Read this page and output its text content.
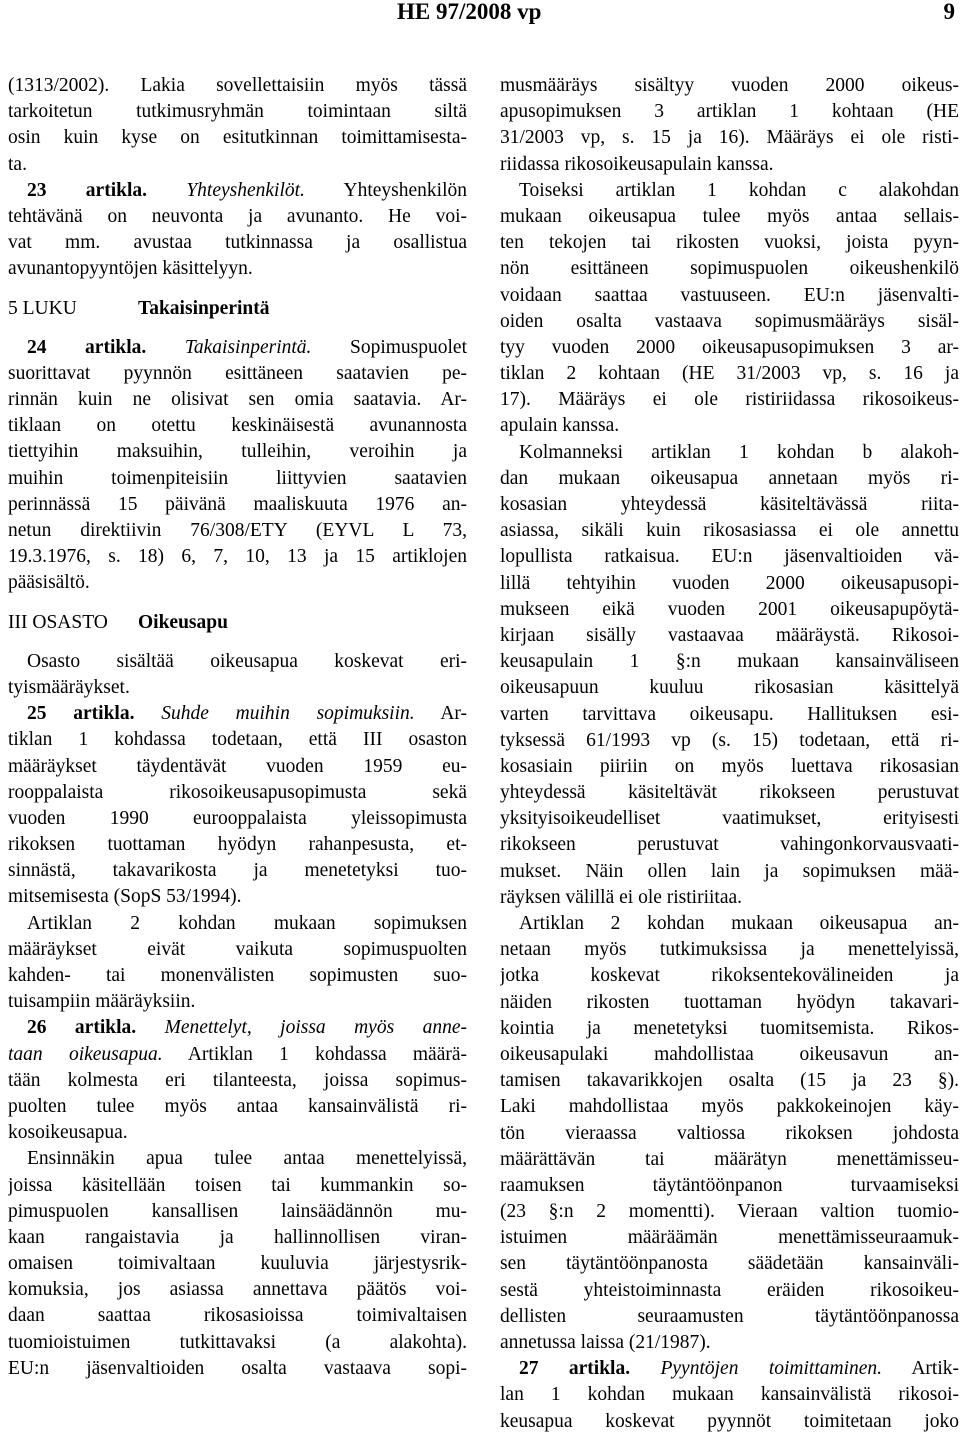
HE 97/2008 vp	9
(1313/2002). Lakia sovellettaisiin myös tässä
tarkoitetun tutkimusryhmän toimintaan siltä
osin kuin kyse on esitutkinnan toimittamisesta-
ta.
23 artikla. Yhteyshenkilöt. Yhteyshenkilön
tehtävänä on neuvonta ja avunanto. He voi-
vat mm. avustaa tutkinnassa ja osallistua
avunantopyyntöjen käsittelyyn.
5 LUKU	Takaisinperintä
24 artikla. Takaisinperintä. Sopimuspuolet
suorittavat pyynnön esittäneen saatavien pe-
rinnän kuin ne olisivat sen omia saatavia. Ar-
tiklaan on otettu keskinäisestä avunannosta
tiettyihin maksuihin, tulleihin, veroihin ja
muihin toimenpiteisiin liittyvien saatavien
perinnässä 15 päivänä maaliskuuta 1976 an-
netun direktiivin 76/308/ETY (EYVL L 73,
19.3.1976, s. 18) 6, 7, 10, 13 ja 15 artiklojen
pääsisältö.
III OSASTO Oikeusapu
Osasto sisältää oikeusapua koskevat eri-
tyismääräykset.
25 artikla. Suhde muihin sopimuksiin. Ar-
tiklan 1 kohdassa todetaan, että III osaston
määräykset täydentävät vuoden 1959 eu-
rooppalaista rikosoikeusapusopimusta sekä
vuoden 1990 eurooppalaista yleissopimusta
rikoksen tuottaman hyödyn rahanpesusta, et-
sinnästä, takavarikosta ja menetetyksi tuo-
mitsemisesta (SopS 53/1994).
Artiklan 2 kohdan mukaan sopimuksen
määräykset eivät vaikuta sopimuspuolten
kahden- tai monenvälisten sopimusten suo-
tuisampiin määräyksiin.
26 artikla. Menettelyt, joissa myös anne-
taan oikeusapua. Artiklan 1 kohdassa määrä-
tään kolmesta eri tilanteesta, joissa sopimus-
puolten tulee myös antaa kansainvälistä ri-
kosoikeusapua.
Ensinnäkin apua tulee antaa menettelyissä,
joissa käsitellään toisen tai kummankin so-
pimuspuolen kansallisen lainsäädännön mu-
kaan rangaistavia ja hallinnollisen viran-
omaisen toimivaltaan kuuluvia järjestysrik-
komuksia, jos asiassa annettava päätös voi-
daan saattaa rikosasioissa toimivaltaisen
tuomioistuimen tutkittavaksi (a alakohta).
EU:n jäsenvaltioiden osalta vastaava sopi-
musmääräys sisältyy vuoden 2000 oikeus-
apusopimuksen 3 artiklan 1 kohtaan (HE
31/2003 vp, s. 15 ja 16). Määräys ei ole risti-
riidassa rikosoikeusapulain kanssa.
Toiseksi artiklan 1 kohdan c alakohdan
mukaan oikeusapua tulee myös antaa sellais-
ten tekojen tai rikosten vuoksi, joista pyyn-
nön esittäneen sopimuspuolen oikeushenkilö
voidaan saattaa vastuuseen. EU:n jäsenvalti-
oiden osalta vastaava sopimusmääräys sisäl-
tyy vuoden 2000 oikeusapusopimuksen 3 ar-
tiklan 2 kohtaan (HE 31/2003 vp, s. 16 ja
17). Määräys ei ole ristiriidassa rikosoikeus-
apulain kanssa.
Kolmanneksi artiklan 1 kohdan b alakoh-
dan mukaan oikeusapua annetaan myös ri-
kosasian yhteydessä käsiteltävässä riita-
asiassa, sikäli kuin rikosasiassa ei ole annettu
lopullista ratkaisua. EU:n jäsenvaltioiden vä-
lillä tehtyihin vuoden 2000 oikeusapusopi-
mukseen eikä vuoden 2001 oikeusapupöytä-
kirjaan sisälly vastaavaa määräystä. Rikosoi-
keusapulain 1 §:n mukaan kansainväliseen
oikeusapuun kuuluu rikosasian käsittelyä
varten tarvittava oikeusapu. Hallituksen esi-
tyksessä 61/1993 vp (s. 15) todetaan, että ri-
kosasiain piiriin on myös luettava rikosasian
yhteydessä käsiteltävät rikokseen perustuvat
yksityisoikeudelliset vaatimukset, erityisesti
rikokseen perustuvat vahingonkorvausvaati-
mukset. Näin ollen lain ja sopimuksen mää-
räyksen välillä ei ole ristiriitaa.
Artiklan 2 kohdan mukaan oikeusapua an-
netaan myös tutkimuksissa ja menettelyissä,
jotka koskevat rikoksentekovälineiden ja
näiden rikosten tuottaman hyödyn takavari-
kointia ja menetetyksi tuomitsemista. Rikos-
oikeusapulaki mahdollistaa oikeusavun an-
tamisen takavarikkojen osalta (15 ja 23 §).
Laki mahdollistaa myös pakkokeinojen käy-
tön vieraassa valtiossa rikoksen johdosta
määrättävän tai määrätyn menettämisseu-
raamuksen täytäntöönpanon turvaamiseksi
(23 §:n 2 momentti). Vieraan valtion tuomio-
istuimen määräämän menettämisseuraamuk-
sen täytäntöönpanosta säädetään kansainväli-
sestä yhteistoiminnasta eräiden rikosoikeu-
dellisten seuraamusten täytäntöönpanossa
annetussa laissa (21/1987).
27 artikla. Pyyntöjen toimittaminen. Artik-
lan 1 kohdan mukaan kansainvälistä rikosoi-
keusapua koskevat pyynnöt toimitetaan joko
